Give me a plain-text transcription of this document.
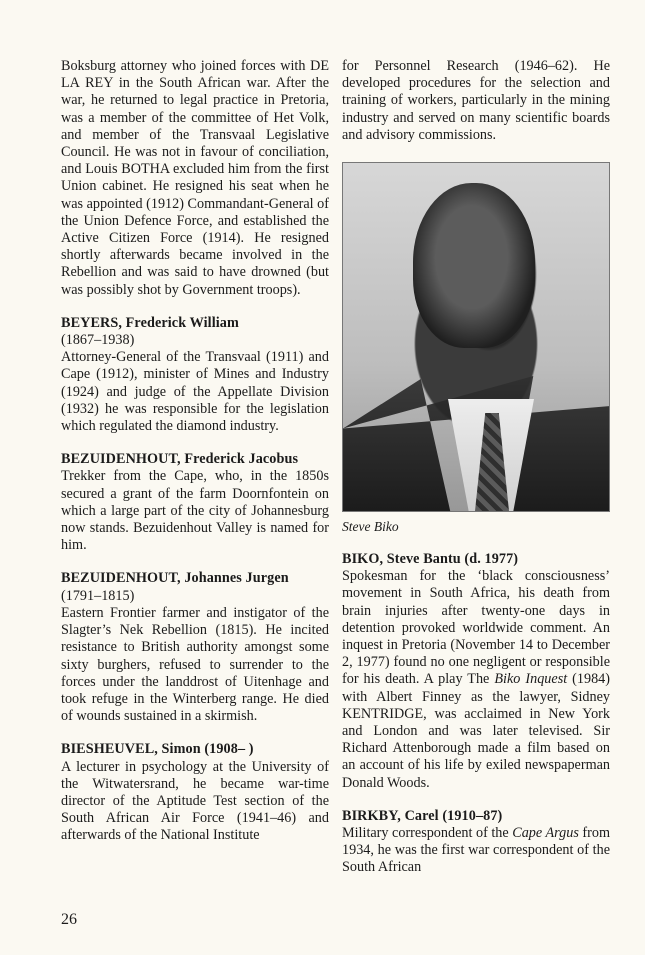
Boksburg attorney who joined forces with DE LA REY in the South African war. After the war, he returned to legal practice in Pretoria, was a member of the committee of Het Volk, and member of the Transvaal Legislative Council. He was not in favour of conciliation, and Louis BOTHA excluded him from the first Union cabinet. He resigned his seat when he was appointed (1912) Commandant-General of the Union Defence Force, and established the Active Citizen Force (1914). He resigned shortly afterwards became involved in the Rebellion and was said to have drowned (but was possibly shot by Government troops).

BEYERS, Frederick William

(1867–1938)

Attorney-General of the Transvaal (1911) and Cape (1912), minister of Mines and Industry (1924) and judge of the Appellate Division (1932) he was responsible for the legislation which regulated the diamond industry.

BEZUIDENHOUT, Frederick Jacobus

Trekker from the Cape, who, in the 1850s secured a grant of the farm Doornfontein on which a large part of the city of Johannesburg now stands. Bezuidenhout Valley is named for him.

BEZUIDENHOUT, Johannes Jurgen

(1791–1815)

Eastern Frontier farmer and instigator of the Slagter’s Nek Rebellion (1815). He incited resistance to British authority amongst some sixty burghers, refused to surrender to the forces under the landdrost of Uitenhage and took refuge in the Winterberg range. He died of wounds sustained in a skirmish.

BIESHEUVEL, Simon (1908– )

A lecturer in psychology at the University of the Witwatersrand, he became war-time director of the Aptitude Test section of the South African Air Force (1941–46) and afterwards of the National Institute

for Personnel Research (1946–62). He developed procedures for the selection and training of workers, particularly in the mining industry and served on many scientific boards and advisory commissions.

Steve Biko

BIKO, Steve Bantu (d. 1977)

Spokesman for the ‘black consciousness’ movement in South Africa, his death from brain injuries after twenty-one days in detention provoked worldwide comment. An inquest in Pretoria (November 14 to December 2, 1977) found no one negligent or responsible for his death. A play The Biko Inquest (1984) with Albert Finney as the lawyer, Sidney KENTRIDGE, was acclaimed in New York and London and was later televised. Sir Richard Attenborough made a film based on an account of his life by exiled newspaperman Donald Woods.

BIRKBY, Carel (1910–87)

Military correspondent of the Cape Argus from 1934, he was the first war correspondent of the South African

26
